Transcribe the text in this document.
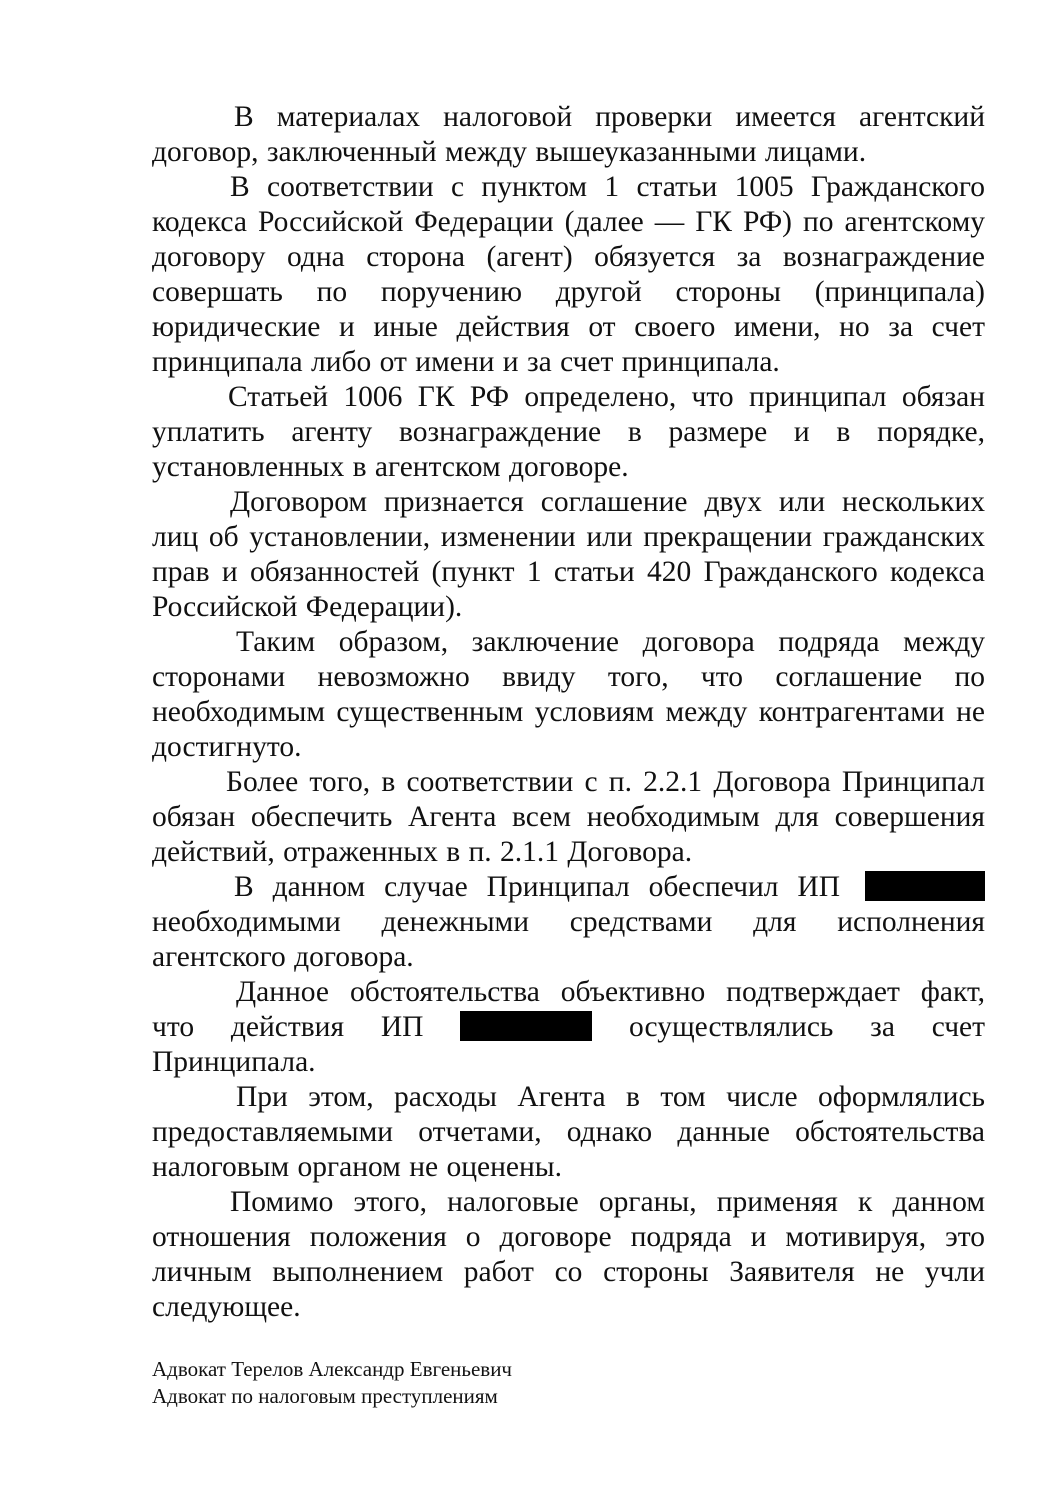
В материалах налоговой проверки имеется агентский договор, заключенный между вышеуказанными лицами.

В соответствии с пунктом 1 статьи 1005 Гражданского кодекса Российской Федерации (далее — ГК РФ) по агентскому договору одна сторона (агент) обязуется за вознаграждение совершать по поручению другой стороны (принципала) юридические и иные действия от своего имени, но за счет принципала либо от имени и за счет принципала.

Статьей 1006 ГК РФ определено, что принципал обязан уплатить агенту вознаграждение в размере и в порядке, установленных в агентском договоре.

Договором признается соглашение двух или нескольких лиц об установлении, изменении или прекращении гражданских прав и обязанностей (пункт 1 статьи 420 Гражданского кодекса Российской Федерации).

Таким образом, заключение договора подряда между сторонами невозможно ввиду того, что соглашение по необходимым существенным условиям между контрагентами не достигнуто.

Более того, в соответствии с п. 2.2.1 Договора Принципал обязан обеспечить Агента всем необходимым для совершения действий, отраженных в п. 2.1.1 Договора.

В данном случае Принципал обеспечил ИП  необходимыми денежными средствами для исполнения агентского договора.

Данное обстоятельства объективно подтверждает факт,
что действия ИП	осуществлялись за счет
Принципала.

При этом, расходы Агента в том числе оформлялись предоставляемыми отчетами, однако данные обстоятельства налоговым органом не оценены.

Помимо этого, налоговые органы, применяя к данном отношения положения о договоре подряда и мотивируя, это личным выполнением работ со стороны Заявителя не учли следующее.

Адвокат Терелов Александр Евгеньевич
Адвокат по налоговым преступлениям
